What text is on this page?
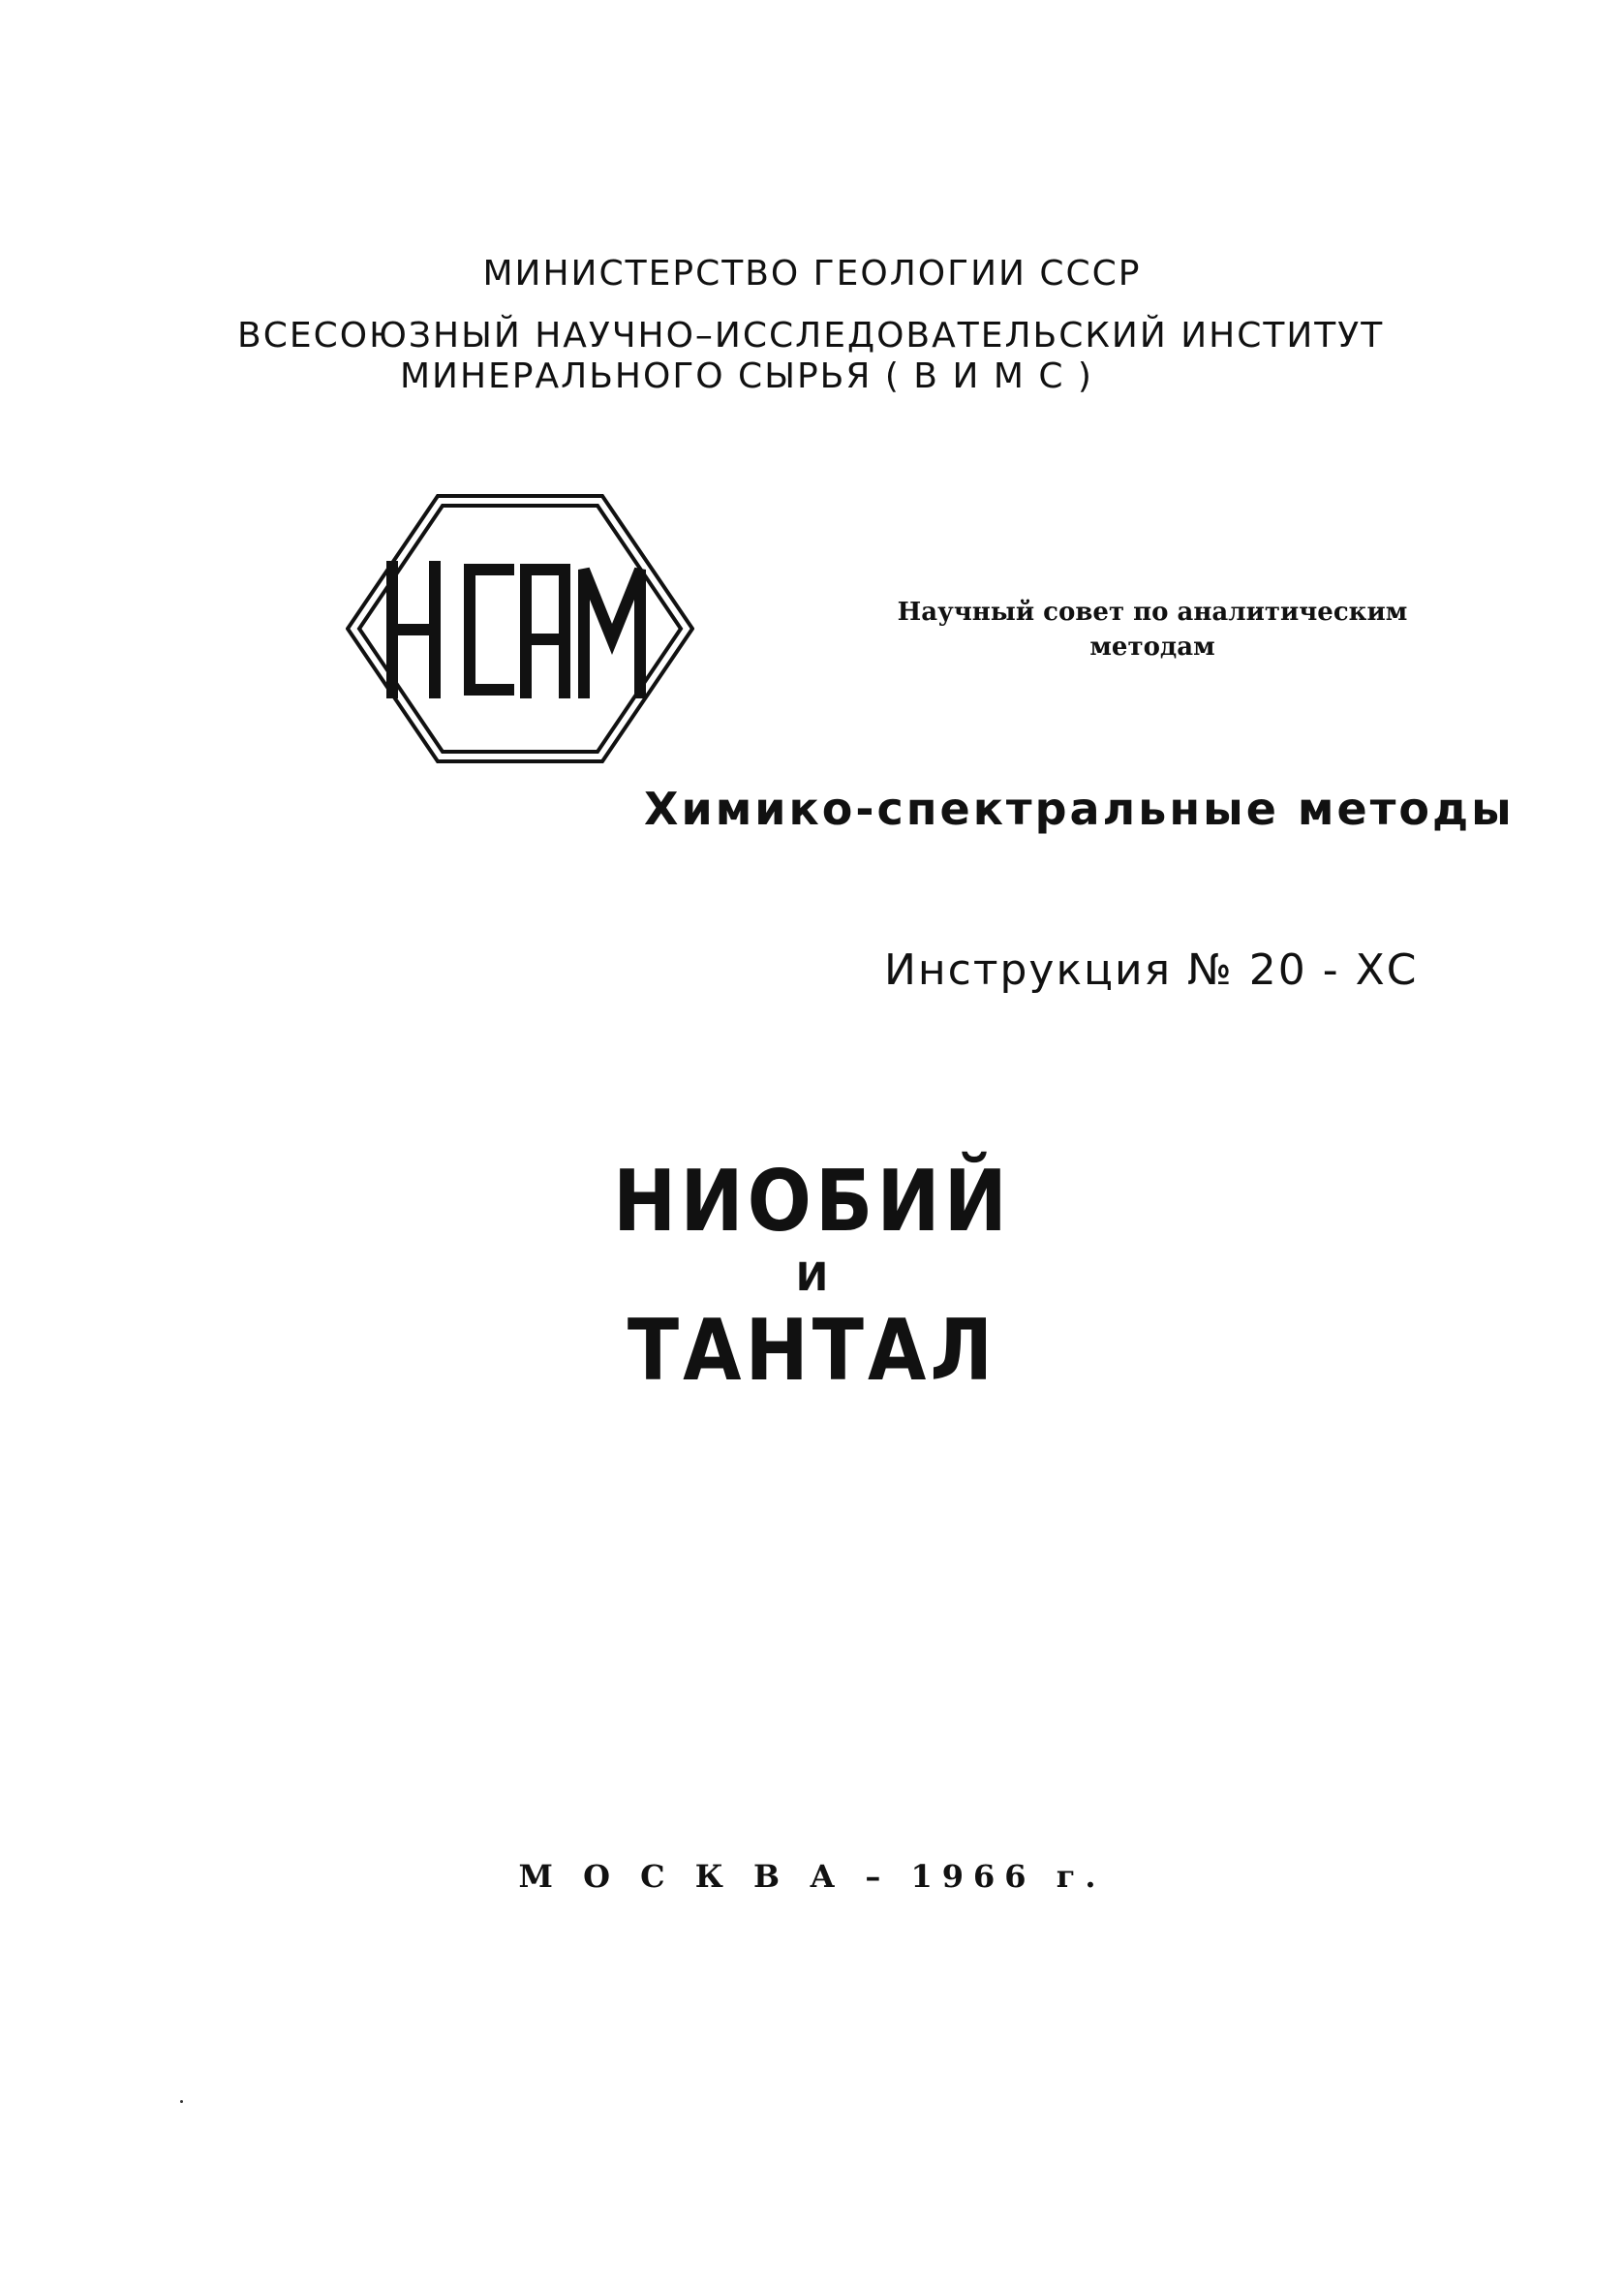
МИНИСТЕРСТВО ГЕОЛОГИИ СССР
ВСЕСОЮЗНЫЙ НАУЧНО–ИССЛЕДОВАТЕЛЬСКИЙ ИНСТИТУТ
МИНЕРАЛЬНОГО СЫРЬЯ ( В И М С )
Научный совет по аналитическим
методам
Химико-спектральные методы
Инструкция № 20 - ХС
НИОБИЙ
И
ТАНТАЛ
М О С К В А – 1966 г.
